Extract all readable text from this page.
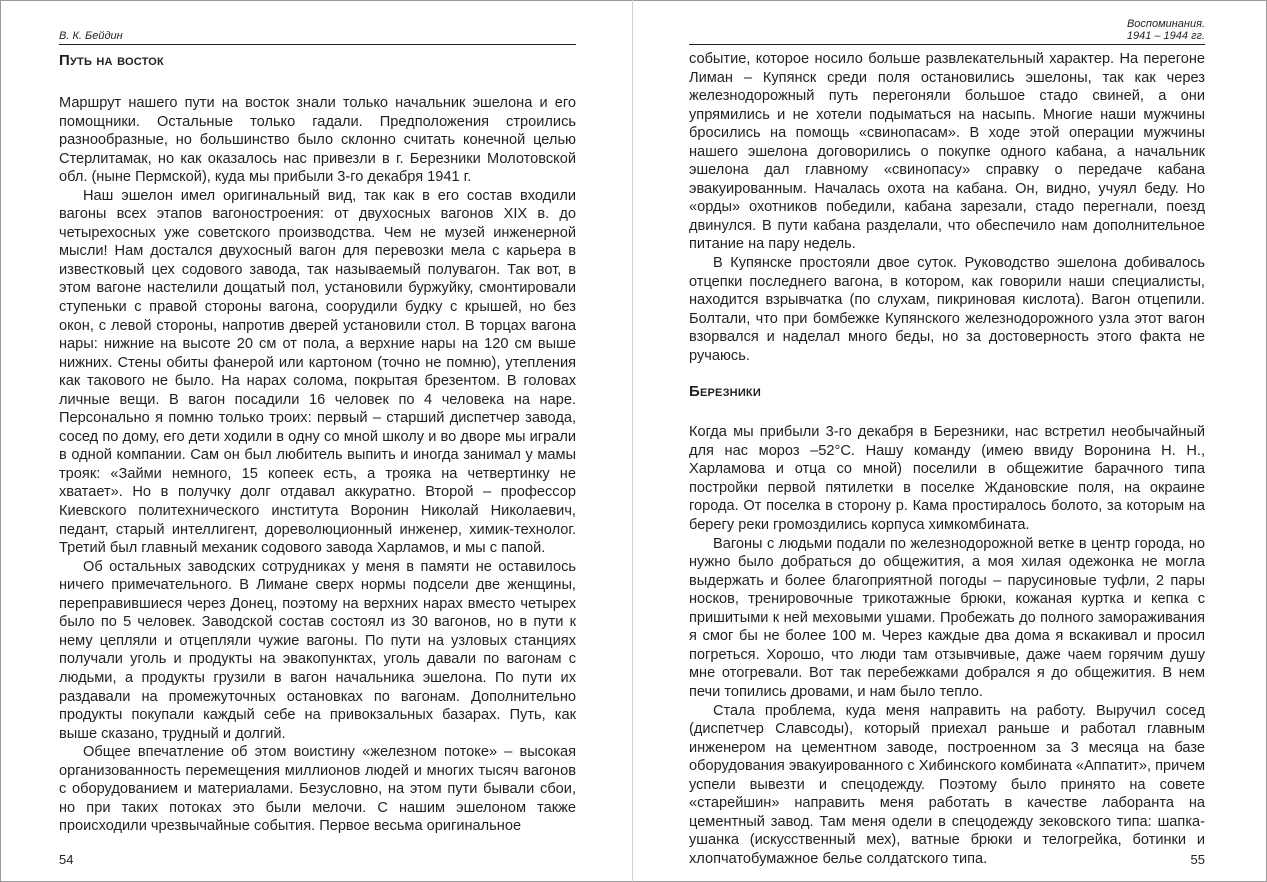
В. К. Бейдин
Путь на восток

Маршрут нашего пути на восток знали только начальник эшелона и его помощники. Остальные только гадали. Предположения строились разнообразные, но большинство было склонно считать конечной целью Стерлитамак, но как оказалось нас привезли в г. Березники Молотовской обл. (ныне Пермской), куда мы прибыли 3-го декабря 1941 г.

Наш эшелон имел оригинальный вид, так как в его состав входили вагоны всех этапов вагоностроения: от двухосных вагонов XIX в. до четырехосных уже советского производства. Чем не музей инженерной мысли! Нам достался двухосный вагон для перевозки мела с карьера в известковый цех содового завода, так называемый полувагон. Так вот, в этом вагоне настелили дощатый пол, установили буржуйку, смонтировали ступеньки с правой стороны вагона, соорудили будку с крышей, но без окон, с левой стороны, напротив дверей установили стол. В торцах вагона нары: нижние на высоте 20 см от пола, а верхние нары на 120 см выше нижних. Стены обиты фанерой или картоном (точно не помню), утепления как такового не было. На нарах солома, покрытая брезентом. В головах личные вещи. В вагон посадили 16 человек по 4 человека на наре. Персонально я помню только троих: первый – старший диспетчер завода, сосед по дому, его дети ходили в одну со мной школу и во дворе мы играли в одной компании. Сам он был любитель выпить и иногда занимал у мамы трояк: «Займи немного, 15 копеек есть, а трояка на четвертинку не хватает». Но в получку долг отдавал аккуратно. Второй – профессор Киевского политехнического института Воронин Николай Николаевич, педант, старый интеллигент, дореволюционный инженер, химик-технолог. Третий был главный механик содового завода Харламов, и мы с папой.

Об остальных заводских сотрудниках у меня в памяти не оставилось ничего примечательного. В Лимане сверх нормы подсели две женщины, переправившиеся через Донец, поэтому на верхних нарах вместо четырех было по 5 человек. Заводской состав состоял из 30 вагонов, но в пути к нему цепляли и отцепляли чужие вагоны. По пути на узловых станциях получали уголь и продукты на эвакопунктах, уголь давали по вагонам с людьми, а продукты грузили в вагон начальника эшелона. По пути их раздавали на промежуточных остановках по вагонам. Дополнительно продукты покупали каждый себе на привокзальных базарах. Путь, как выше сказано, трудный и долгий.

Общее впечатление об этом воистину «железном потоке» – высокая организованность перемещения миллионов людей и многих тысяч вагонов с оборудованием и материалами. Безусловно, на этом пути бывали сбои, но при таких потоках это были мелочи. С нашим эшелоном также происходили чрезвычайные события. Первое весьма оригинальное

54
Воспоминания.
1941 – 1944 гг.

событие, которое носило больше развлекательный характер. На перегоне Лиман – Купянск среди поля остановились эшелоны, так как через железнодорожный путь перегоняли большое стадо свиней, а они упрямились и не хотели подыматься на насыпь. Многие наши мужчины бросились на помощь «свинопасам». В ходе этой операции мужчины нашего эшелона договорились о покупке одного кабана, а начальник эшелона дал главному «свинопасу» справку о передаче кабана эвакуированным. Началась охота на кабана. Он, видно, учуял беду. Но «орды» охотников победили, кабана зарезали, стадо перегнали, поезд двинулся. В пути кабана разделали, что обеспечило нам дополнительное питание на пару недель.

В Купянске простояли двое суток. Руководство эшелона добивалось отцепки последнего вагона, в котором, как говорили наши специалисты, находится взрывчатка (по слухам, пикриновая кислота). Вагон отцепили. Болтали, что при бомбежке Купянского железнодорожного узла этот вагон взорвался и наделал много беды, но за достоверность этого факта не ручаюсь.

Березники

Когда мы прибыли 3-го декабря в Березники, нас встретил необычайный для нас мороз –52°С. Нашу команду (имею ввиду Воронина Н. Н., Харламова и отца со мной) поселили в общежитие барачного типа постройки первой пятилетки в поселке Ждановские поля, на окраине города. От поселка в сторону р. Кама простиралось болото, за которым на берегу реки громоздились корпуса химкомбината.

Вагоны с людьми подали по железнодорожной ветке в центр города, но нужно было добраться до общежития, а моя хилая одежонка не могла выдержать и более благоприятной погоды – парусиновые туфли, 2 пары носков, тренировочные трикотажные брюки, кожаная куртка и кепка с пришитыми к ней меховыми ушами. Пробежать до полного замораживания я смог бы не более 100 м. Через каждые два дома я вскакивал и просил погреться. Хорошо, что люди там отзывчивые, даже чаем горячим душу мне отогревали. Вот так перебежками добрался я до общежития. В нем печи топились дровами, и нам было тепло.

Стала проблема, куда меня направить на работу. Выручил сосед (диспетчер Славсоды), который приехал раньше и работал главным инженером на цементном заводе, построенном за 3 месяца на базе оборудования эвакуированного с Хибинского комбината «Аппатит», причем успели вывезти и спецодежду. Поэтому было принято на совете «старейшин» направить меня работать в качестве лаборанта на цементный завод. Там меня одели в спецодежду зековского типа: шапка-ушанка (искусственный мех), ватные брюки и телогрейка, ботинки и хлопчатобумажное белье солдатского типа.	55
